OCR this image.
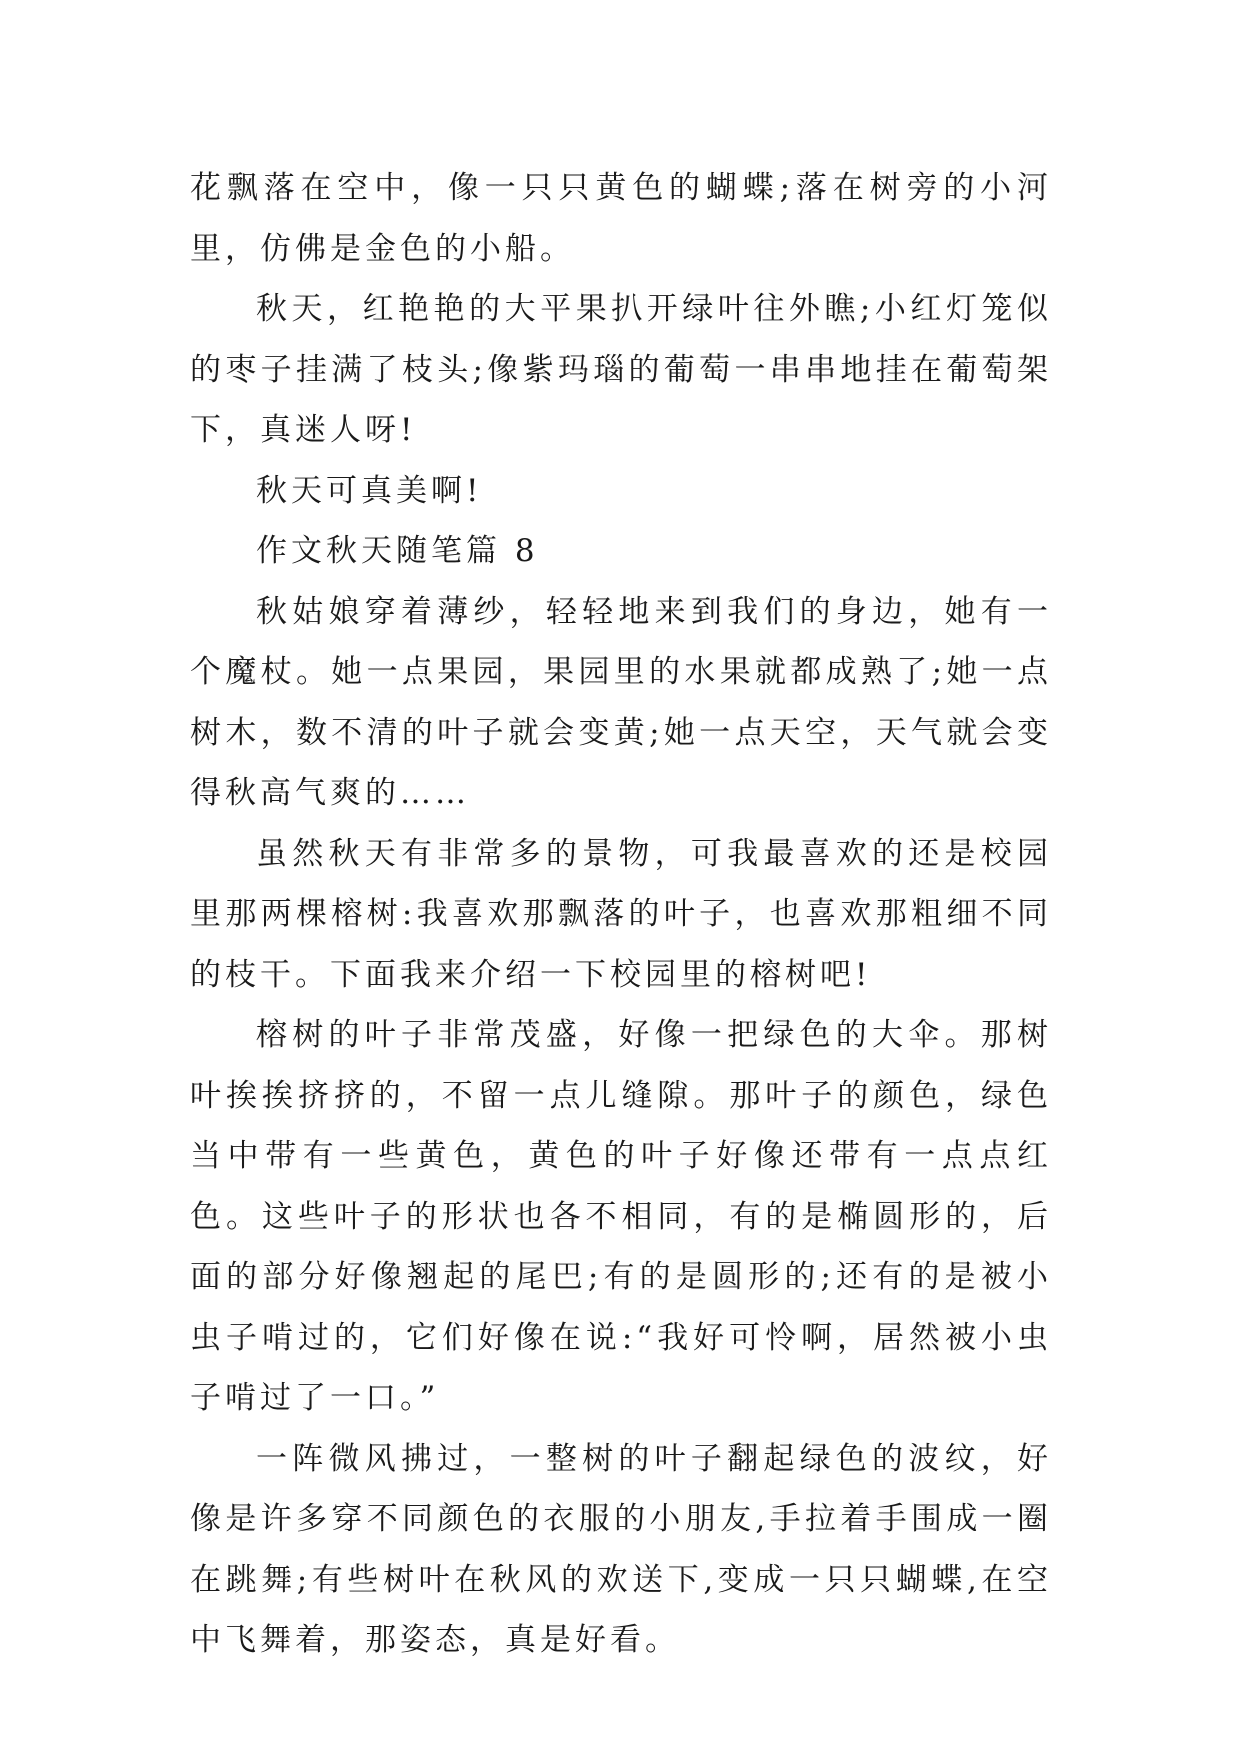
花飘落在空中，像一只只黄色的蝴蝶;落在树旁的小河里，仿佛是金色的小船。

秋天，红艳艳的大平果扒开绿叶往外瞧;小红灯笼似的枣子挂满了枝头;像紫玛瑙的葡萄一串串地挂在葡萄架下，真迷人呀!

秋天可真美啊!

作文秋天随笔篇 8

秋姑娘穿着薄纱，轻轻地来到我们的身边，她有一个魔杖。她一点果园，果园里的水果就都成熟了;她一点树木，数不清的叶子就会变黄;她一点天空，天气就会变得秋高气爽的……

虽然秋天有非常多的景物，可我最喜欢的还是校园里那两棵榕树:我喜欢那飘落的叶子，也喜欢那粗细不同的枝干。下面我来介绍一下校园里的榕树吧!

榕树的叶子非常茂盛，好像一把绿色的大伞。那树叶挨挨挤挤的，不留一点儿缝隙。那叶子的颜色，绿色当中带有一些黄色，黄色的叶子好像还带有一点点红色。这些叶子的形状也各不相同，有的是椭圆形的，后面的部分好像翘起的尾巴;有的是圆形的;还有的是被小虫子啃过的，它们好像在说:“我好可怜啊，居然被小虫子啃过了一口。”

一阵微风拂过，一整树的叶子翻起绿色的波纹，好像是许多穿不同颜色的衣服的小朋友,手拉着手围成一圈在跳舞;有些树叶在秋风的欢送下,变成一只只蝴蝶,在空中飞舞着，那姿态，真是好看。
